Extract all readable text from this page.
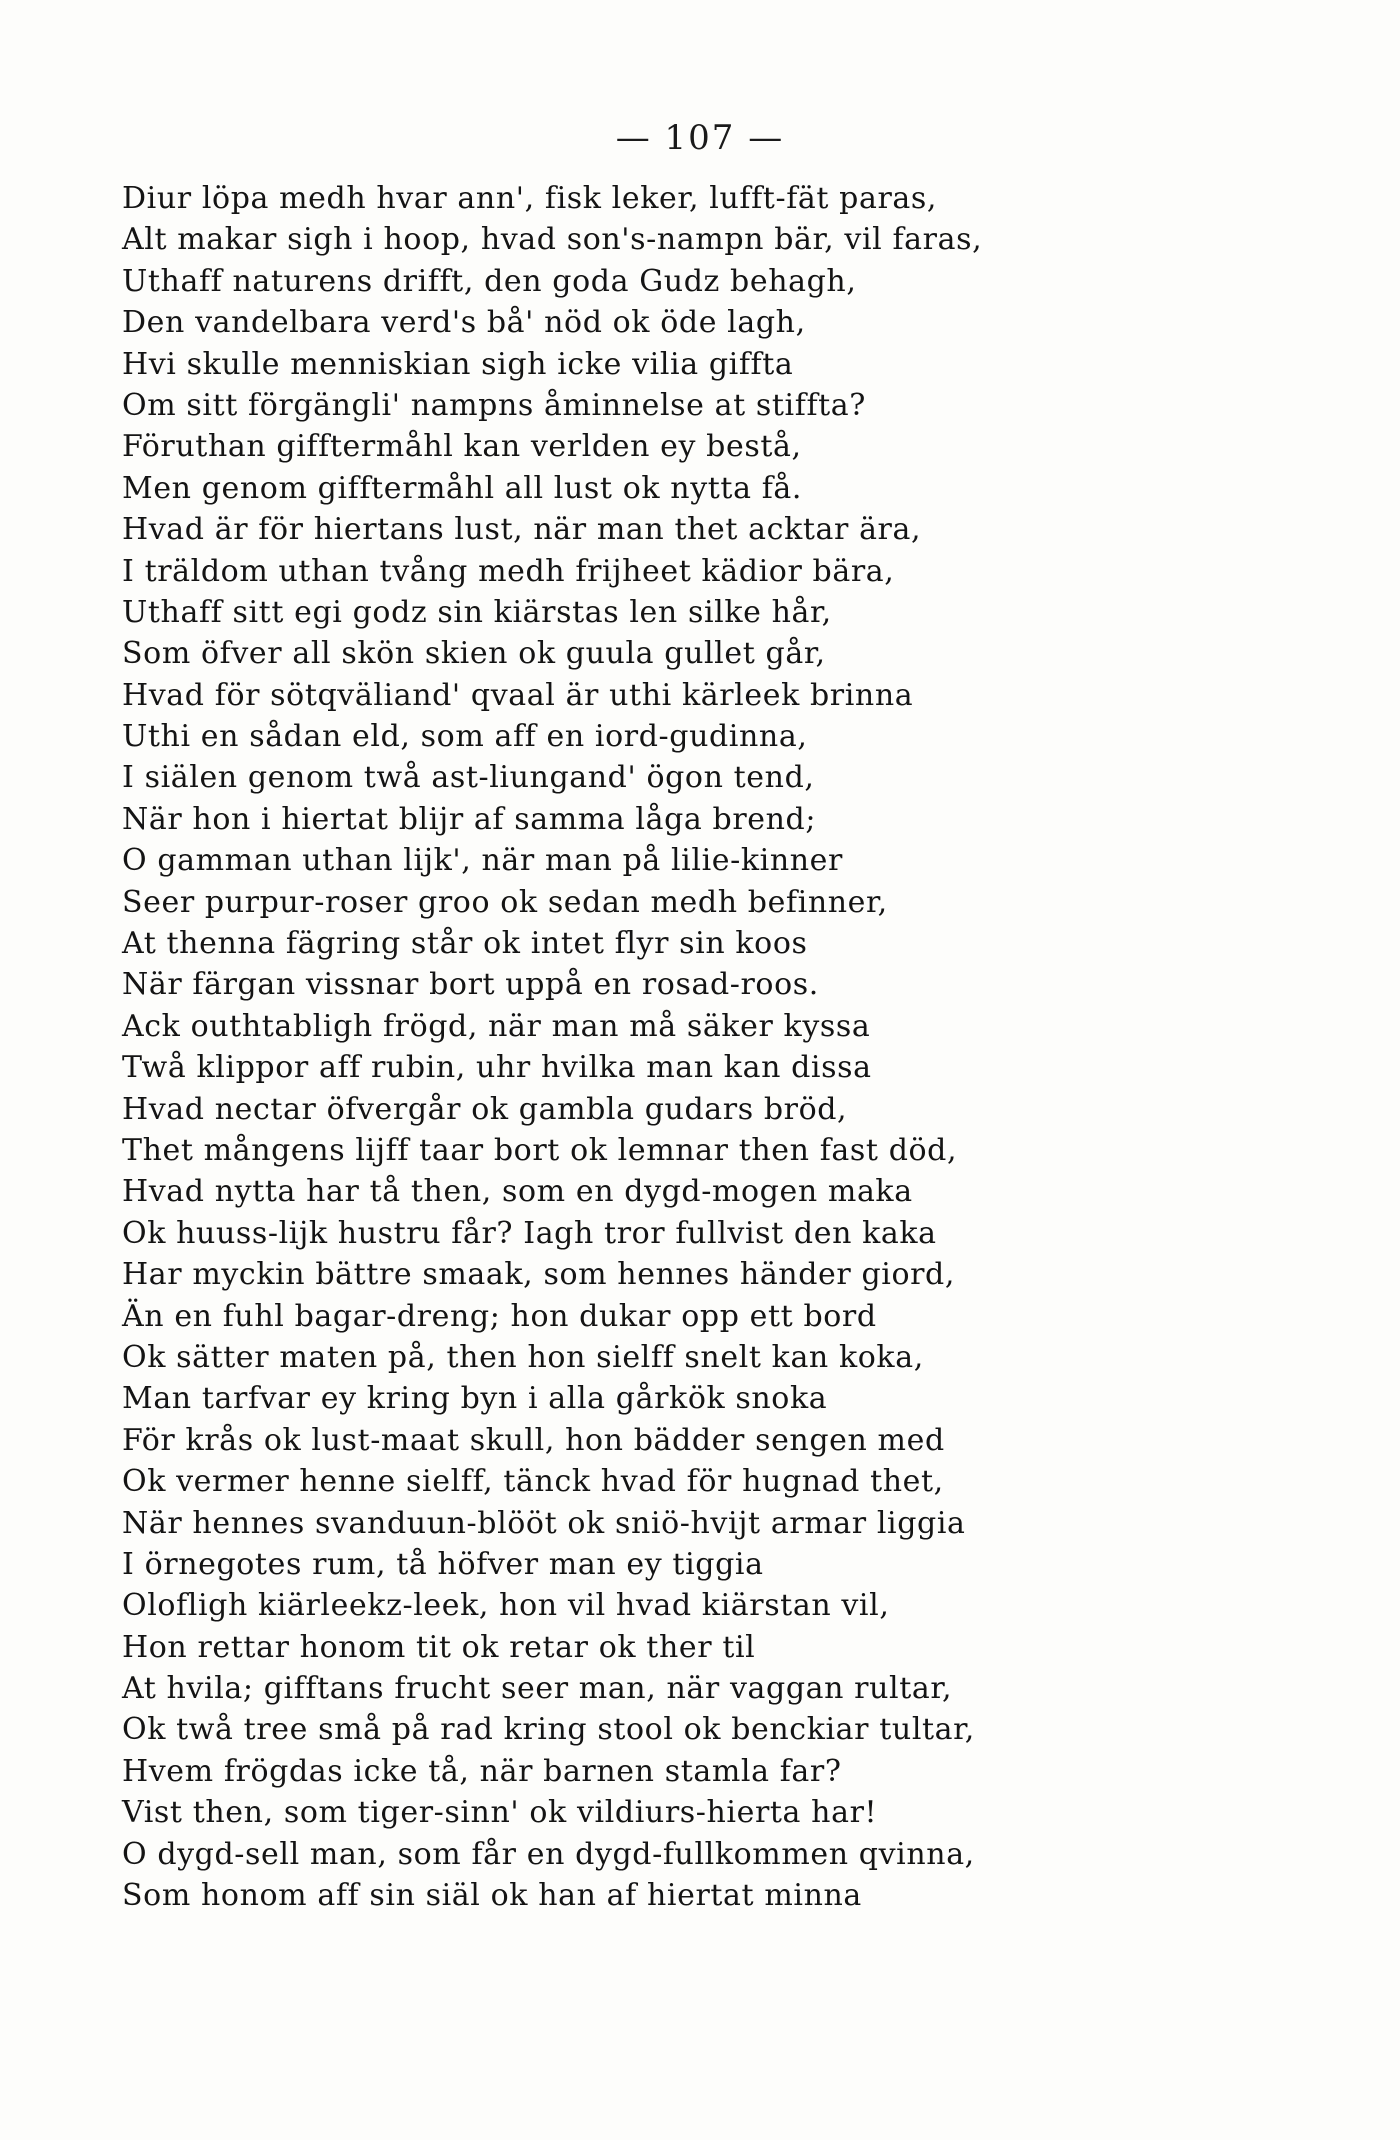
— 107 —
Diur löpa medh hvar ann', fisk leker, lufft-fät paras,
Alt makar sigh i hoop, hvad son's-nampn bär, vil faras,
Uthaff naturens drifft, den goda Gudz behagh,
Den vandelbara verd's bå' nöd ok öde lagh,
Hvi skulle menniskian sigh icke vilia giffta
Om sitt förgängli' nampns åminnelse at stiffta?
Föruthan gifftermåhl kan verlden ey bestå,
Men genom gifftermåhl all lust ok nytta få.
Hvad är för hiertans lust, när man thet acktar ära,
I träldom uthan tvång medh frijheet kädior bära,
Uthaff sitt egi godz sin kiärstas len silke hår,
Som öfver all skön skien ok guula gullet går,
Hvad för sötqväliand' qvaal är uthi kärleek brinna
Uthi en sådan eld, som aff en iord-gudinna,
I siälen genom twå ast-liungand' ögon tend,
När hon i hiertat blijr af samma låga brend;
O gamman uthan lijk', när man på lilie-kinner
Seer purpur-roser groo ok sedan medh befinner,
At thenna fägring står ok intet flyr sin koos
När färgan vissnar bort uppå en rosad-roos.
Ack outhtabligh frögd, när man må säker kyssa
Twå klippor aff rubin, uhr hvilka man kan dissa
Hvad nectar öfvergår ok gambla gudars bröd,
Thet mångens lijff taar bort ok lemnar then fast död,
Hvad nytta har tå then, som en dygd-mogen maka
Ok huuss-lijk hustru får? Iagh tror fullvist den kaka
Har myckin bättre smaak, som hennes händer giord,
Än en fuhl bagar-dreng; hon dukar opp ett bord
Ok sätter maten på, then hon sielff snelt kan koka,
Man tarfvar ey kring byn i alla gårkök snoka
För krås ok lust-maat skull, hon bädder sengen med
Ok vermer henne sielff, tänck hvad för hugnad thet,
När hennes svanduun-blööt ok sniö-hvijt armar liggia
I örnegotes rum, tå höfver man ey tiggia
Olofligh kiärleekz-leek, hon vil hvad kiärstan vil,
Hon rettar honom tit ok retar ok ther til
At hvila; gifftans frucht seer man, när vaggan rultar,
Ok twå tree små på rad kring stool ok benckiar tultar,
Hvem frögdas icke tå, när barnen stamla far?
Vist then, som tiger-sinn' ok vildiurs-hierta har!
O dygd-sell man, som får en dygd-fullkommen qvinna,
Som honom aff sin siäl ok han af hiertat minna
